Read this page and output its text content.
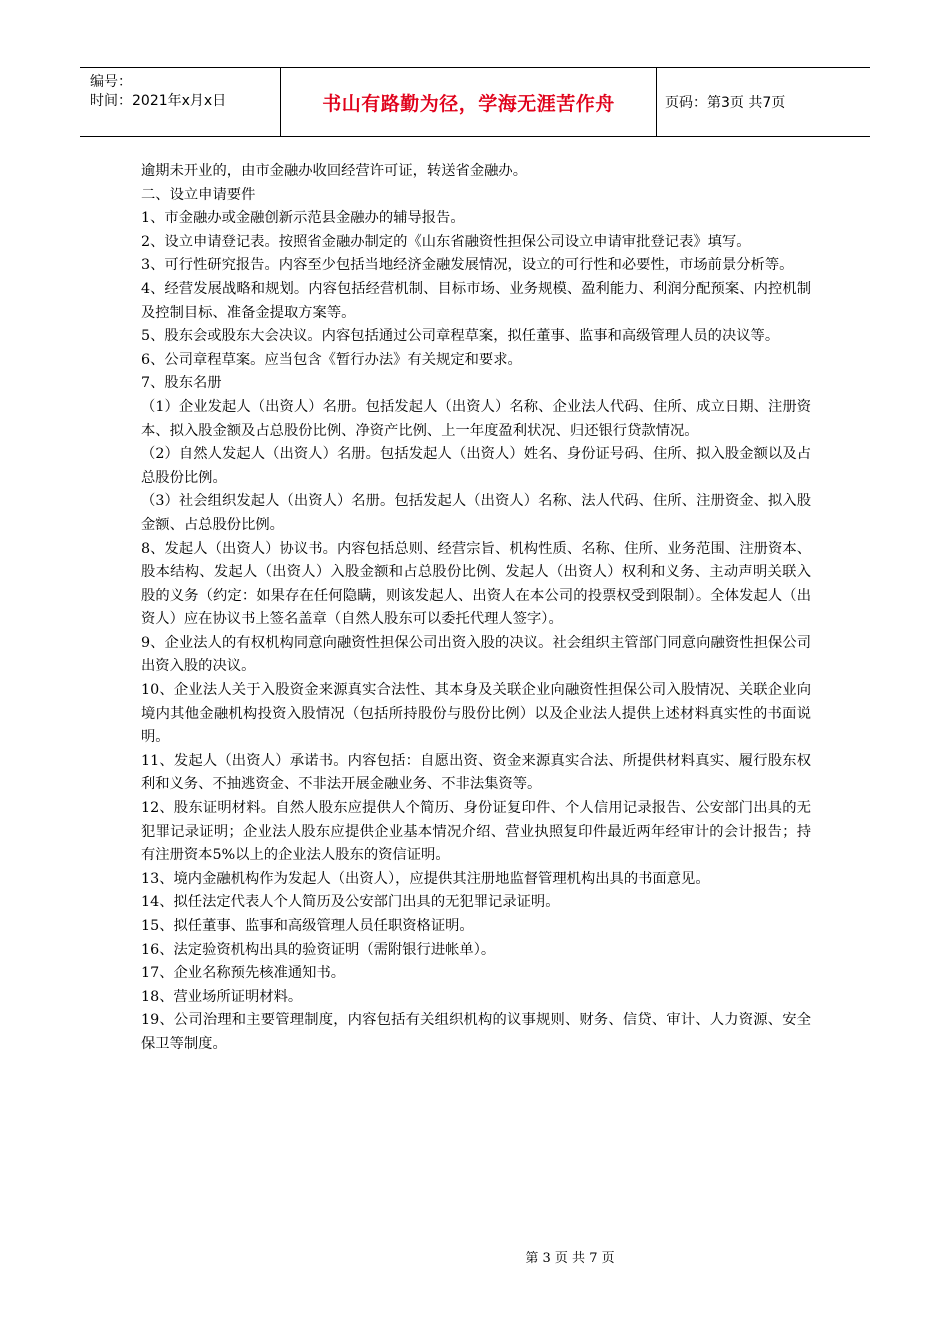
编号：
时间：2021年x月x日	书山有路勤为径，学海无涯苦作舟	页码：第3页 共7页

逾期未开业的，由市金融办收回经营许可证，转送省金融办。

二、设立申请要件

1、市金融办或金融创新示范县金融办的辅导报告。

2、设立申请登记表。按照省金融办制定的《山东省融资性担保公司设立申请审批登记表》填写。

3、可行性研究报告。内容至少包括当地经济金融发展情况，设立的可行性和必要性，市场前景分析等。

4、经营发展战略和规划。内容包括经营机制、目标市场、业务规模、盈利能力、利润分配预案、内控机制及控制目标、准备金提取方案等。

5、股东会或股东大会决议。内容包括通过公司章程草案，拟任董事、监事和高级管理人员的决议等。

6、公司章程草案。应当包含《暂行办法》有关规定和要求。

7、股东名册

（1）企业发起人（出资人）名册。包括发起人（出资人）名称、企业法人代码、住所、成立日期、注册资本、拟入股金额及占总股份比例、净资产比例、上一年度盈利状况、归还银行贷款情况。

（2）自然人发起人（出资人）名册。包括发起人（出资人）姓名、身份证号码、住所、拟入股金额以及占总股份比例。

（3）社会组织发起人（出资人）名册。包括发起人（出资人）名称、法人代码、住所、注册资金、拟入股金额、占总股份比例。

8、发起人（出资人）协议书。内容包括总则、经营宗旨、机构性质、名称、住所、业务范围、注册资本、股本结构、发起人（出资人）入股金额和占总股份比例、发起人（出资人）权利和义务、主动声明关联入股的义务（约定：如果存在任何隐瞒，则该发起人、出资人在本公司的投票权受到限制）。全体发起人（出资人）应在协议书上签名盖章（自然人股东可以委托代理人签字）。

9、企业法人的有权机构同意向融资性担保公司出资入股的决议。社会组织主管部门同意向融资性担保公司出资入股的决议。

10、企业法人关于入股资金来源真实合法性、其本身及关联企业向融资性担保公司入股情况、关联企业向境内其他金融机构投资入股情况（包括所持股份与股份比例）以及企业法人提供上述材料真实性的书面说明。

11、发起人（出资人）承诺书。内容包括：自愿出资、资金来源真实合法、所提供材料真实、履行股东权利和义务、不抽逃资金、不非法开展金融业务、不非法集资等。

12、股东证明材料。自然人股东应提供人个简历、身份证复印件、个人信用记录报告、公安部门出具的无犯罪记录证明；企业法人股东应提供企业基本情况介绍、营业执照复印件最近两年经审计的会计报告；持有注册资本5%以上的企业法人股东的资信证明。

13、境内金融机构作为发起人（出资人），应提供其注册地监督管理机构出具的书面意见。

14、拟任法定代表人个人简历及公安部门出具的无犯罪记录证明。

15、拟任董事、监事和高级管理人员任职资格证明。

16、法定验资机构出具的验资证明（需附银行进帐单）。

17、企业名称预先核准通知书。

18、营业场所证明材料。

19、公司治理和主要管理制度，内容包括有关组织机构的议事规则、财务、信贷、审计、人力资源、安全保卫等制度。

第 3 页 共 7 页
